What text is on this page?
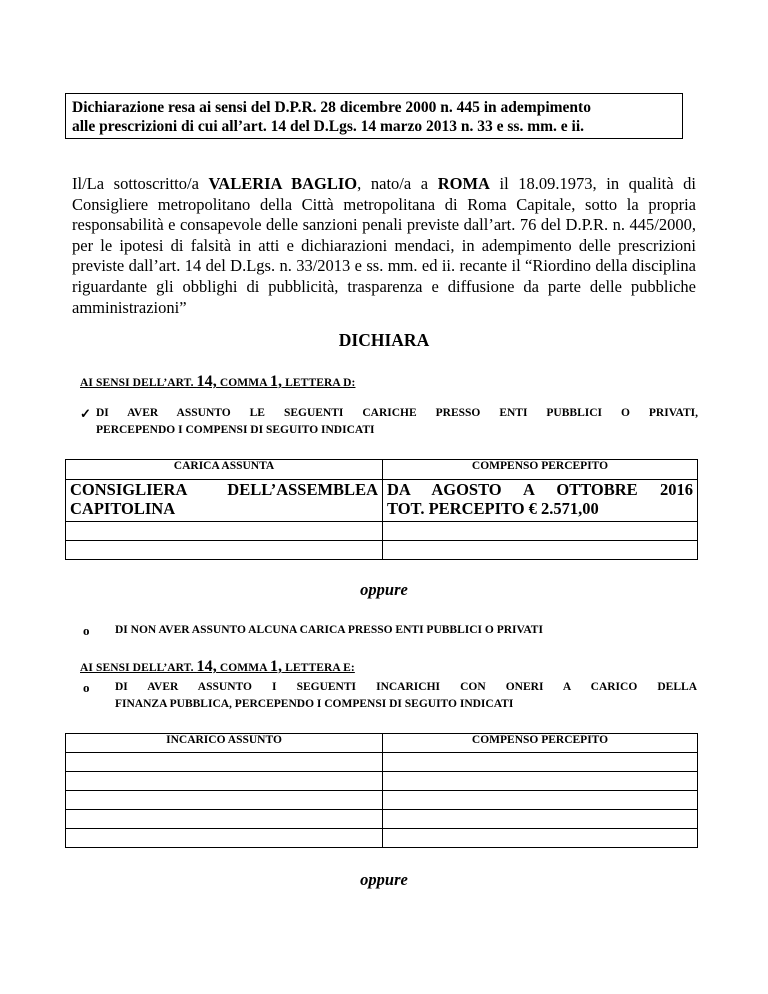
Dichiarazione resa ai sensi del D.P.R. 28 dicembre 2000 n. 445 in adempimento
alle prescrizioni di cui all’art. 14 del D.Lgs. 14 marzo 2013 n. 33 e ss. mm. e ii.
Il/La sottoscritto/a VALERIA BAGLIO, nato/a a ROMA il 18.09.1973, in qualità di Consigliere metropolitano della Città metropolitana di Roma Capitale, sotto la propria responsabilità e consapevole delle sanzioni penali previste dall’art. 76 del D.P.R. n. 445/2000, per le ipotesi di falsità in atti e dichiarazioni mendaci, in adempimento delle prescrizioni previste dall’art. 14 del D.Lgs. n. 33/2013 e ss. mm. ed ii. recante il “Riordino della disciplina riguardante gli obblighi di pubblicità, trasparenza e diffusione da parte delle pubbliche amministrazioni”
DICHIARA
AI SENSI DELL’ART. 14, COMMA 1, LETTERA D:
✓ DI AVER ASSUNTO LE SEGUENTI CARICHE PRESSO ENTI PUBBLICI O PRIVATI,
PERCEPENDO I COMPENSI DI SEGUITO INDICATI
CARICA ASSUNTA	COMPENSO PERCEPITO

CONSIGLIERA DELL’ASSEMBLEA
CAPITOLINA	DA AGOSTO A OTTOBRE 2016
TOT. PERCEPITO € 2.571,00

oppure
o	DI NON AVER ASSUNTO ALCUNA CARICA PRESSO ENTI PUBBLICI O PRIVATI
AI SENSI DELL’ART. 14, COMMA 1, LETTERA E:
o	DI AVER ASSUNTO I SEGUENTI INCARICHI CON ONERI A CARICO DELLA
FINANZA PUBBLICA, PERCEPENDO I COMPENSI DI SEGUITO INDICATI
INCARICO ASSUNTO	COMPENSO PERCEPITO

oppure
